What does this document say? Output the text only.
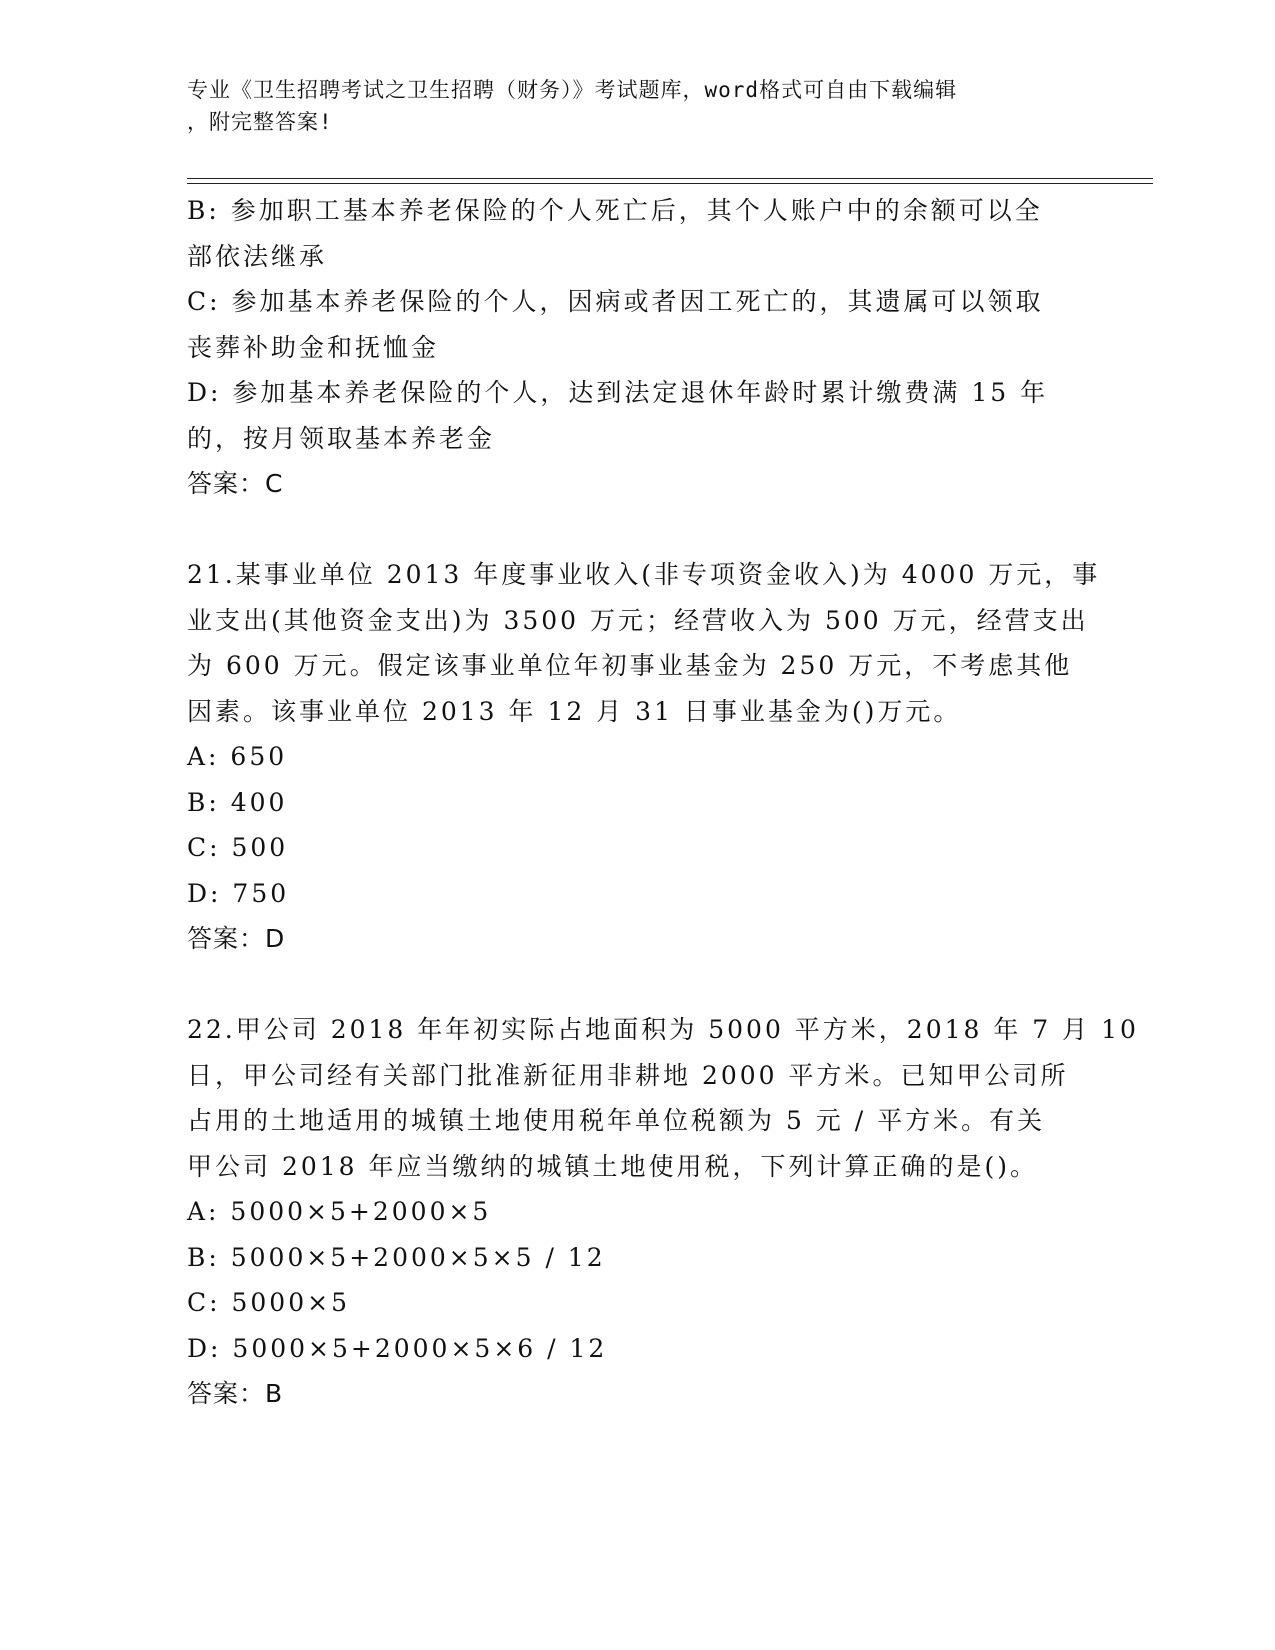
专业《卫生招聘考试之卫生招聘（财务）》考试题库，word格式可自由下载编辑
，附完整答案!
B: 参加职工基本养老保险的个人死亡后，其个人账户中的余额可以全
部依法继承
C: 参加基本养老保险的个人，因病或者因工死亡的，其遗属可以领取
丧葬补助金和抚恤金
D: 参加基本养老保险的个人，达到法定退休年龄时累计缴费满 15 年
的，按月领取基本养老金
答案：C
21.某事业单位 2013 年度事业收入(非专项资金收入)为 4000 万元，事
业支出(其他资金支出)为 3500 万元；经营收入为 500 万元，经营支出
为 600 万元。假定该事业单位年初事业基金为 250 万元，不考虑其他
因素。该事业单位 2013 年 12 月 31 日事业基金为()万元。
A: 650
B: 400
C: 500
D: 750
答案：D
22.甲公司 2018 年年初实际占地面积为 5000 平方米，2018 年 7 月 10
日，甲公司经有关部门批准新征用非耕地 2000 平方米。已知甲公司所
占用的土地适用的城镇土地使用税年单位税额为 5 元 / 平方米。有关
甲公司 2018 年应当缴纳的城镇土地使用税，下列计算正确的是()。
A: 5000×5+2000×5
B: 5000×5+2000×5×5 / 12
C: 5000×5
D: 5000×5+2000×5×6 / 12
答案：B
